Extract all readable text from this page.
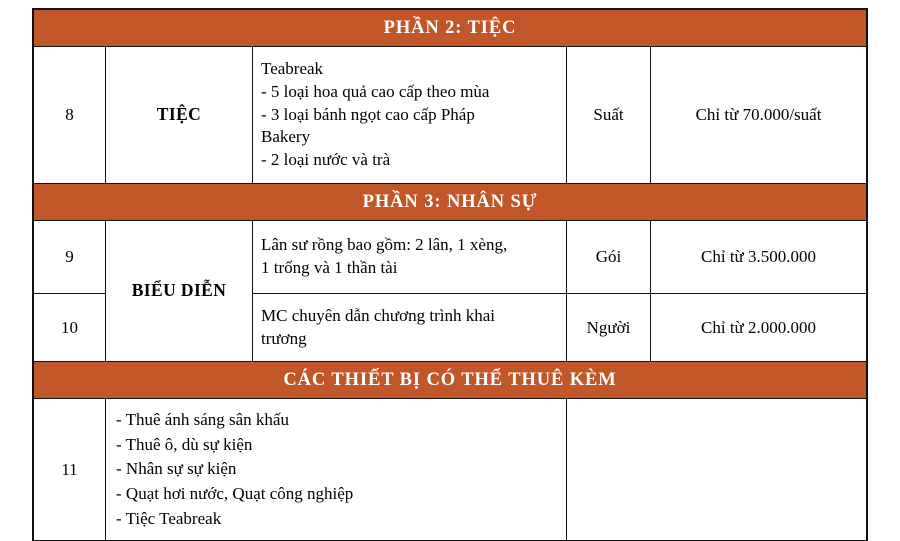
PHẦN 2: TIỆC				

8	TIỆC	Teabreak
- 5 loại hoa quả cao cấp theo mùa
- 3 loại bánh ngọt cao cấp Pháp
Bakery
- 2 loại nước và trà	Suất	Chỉ từ 70.000/suất

PHẦN 3: NHÂN SỰ				

9	BIỂU DIỄN	Lân sư rồng bao gồm: 2 lân, 1 xèng,
1 trống và 1 thần tài	Gói	Chỉ từ 3.500.000
10		MC chuyên dẫn chương trình khai
trương	Người	Chỉ từ 2.000.000

CÁC THIẾT BỊ CÓ THỂ THUÊ KÈM				

11	- Thuê ánh sáng sân khấu
- Thuê ô, dù sự kiện
- Nhân sự sự kiện
- Quạt hơi nước, Quạt công nghiệp
- Tiệc Teabreak			
